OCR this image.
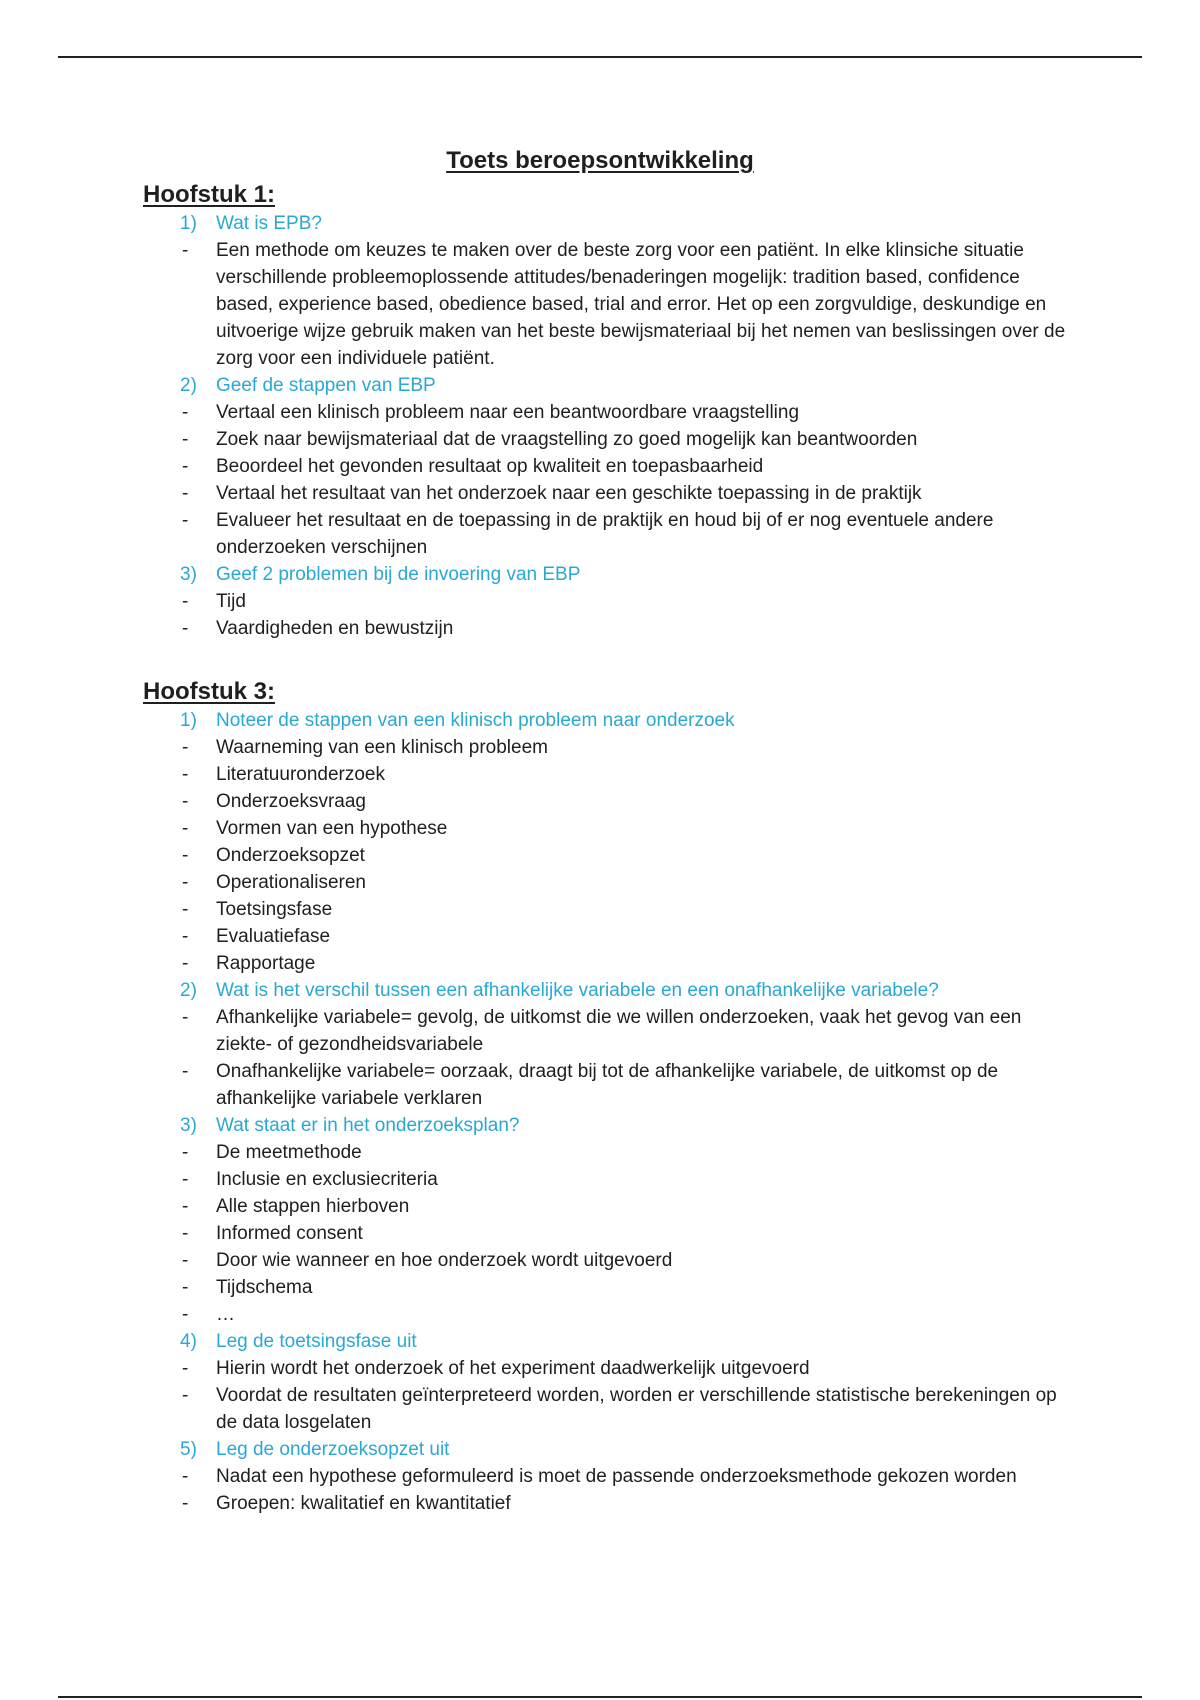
Toets beroepsontwikkeling
Hoofstuk 1:
1)	Wat is EPB?
- Een methode om keuzes te maken over de beste zorg voor een patiënt. In elke klinsiche situatie verschillende probleemoplossende attitudes/benaderingen mogelijk: tradition based, confidence based, experience based, obedience based, trial and error. Het op een zorgvuldige, deskundige en uitvoerige wijze gebruik maken van het beste bewijsmateriaal bij het nemen van beslissingen over de zorg voor een individuele patiënt.
2)	Geef de stappen van EBP
- Vertaal een klinisch probleem naar een beantwoordbare vraagstelling
- Zoek naar bewijsmateriaal dat de vraagstelling zo goed mogelijk kan beantwoorden
- Beoordeel het gevonden resultaat op kwaliteit en toepasbaarheid
- Vertaal het resultaat van het onderzoek naar een geschikte toepassing in de praktijk
- Evalueer het resultaat en de toepassing in de praktijk en houd bij of er nog eventuele andere onderzoeken verschijnen
3)	Geef 2 problemen bij de invoering van EBP
- Tijd
- Vaardigheden en bewustzijn
Hoofstuk 3:
1)	Noteer de stappen van een klinisch probleem naar onderzoek
- Waarneming van een klinisch probleem
- Literatuuronderzoek
- Onderzoeksvraag
- Vormen van een hypothese
- Onderzoeksopzet
- Operationaliseren
- Toetsingsfase
- Evaluatiefase
- Rapportage
2)	Wat is het verschil tussen een afhankelijke variabele en een onafhankelijke variabele?
- Afhankelijke variabele= gevolg, de uitkomst die we willen onderzoeken, vaak het gevog van een ziekte- of gezondheidsvariabele
- Onafhankelijke variabele= oorzaak, draagt bij tot de afhankelijke variabele, de uitkomst op de afhankelijke variabele verklaren
3)	Wat staat er in het onderzoeksplan?
- De meetmethode
- Inclusie en exclusiecriteria
- Alle stappen hierboven
- Informed consent
- Door wie wanneer en hoe onderzoek wordt uitgevoerd
- Tijdschema
- …
4)	Leg de toetsingsfase uit
- Hierin wordt het onderzoek of het experiment daadwerkelijk uitgevoerd
- Voordat de resultaten geïnterpreteerd worden, worden er verschillende statistische berekeningen op de data losgelaten
5)	Leg de onderzoeksopzet uit
- Nadat een hypothese geformuleerd is moet de passende onderzoeksmethode gekozen worden
- Groepen: kwalitatief en kwantitatief
